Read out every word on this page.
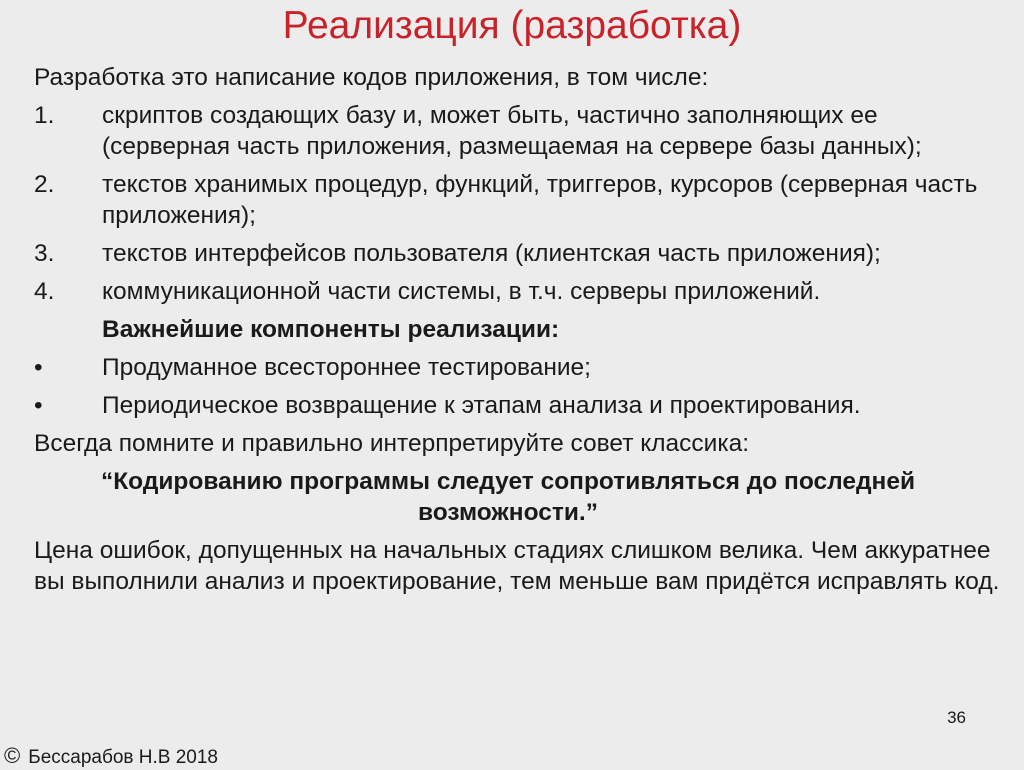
Реализация (разработка)
Разработка это написание кодов приложения, в том числе:
1.	скриптов создающих базу и, может быть, частично заполняющих ее (серверная часть приложения, размещаемая на сервере базы данных);
2.	текстов хранимых процедур, функций, триггеров, курсоров (серверная часть приложения);
3.	текстов интерфейсов пользователя (клиентская часть приложения);
4.	коммуникационной части системы, в т.ч. серверы приложений.
Важнейшие компоненты реализации:
•	Продуманное всестороннее тестирование;
•	Периодическое возвращение к этапам анализа и проектирования.
Всегда помните и правильно интерпретируйте совет классика:
“Кодированию программы следует сопротивляться до последней возможности.”
Цена ошибок, допущенных на начальных стадиях слишком велика. Чем аккуратнее вы выполнили анализ и проектирование, тем меньше вам придётся исправлять код.
36
© Бессарабов Н.В 2018
